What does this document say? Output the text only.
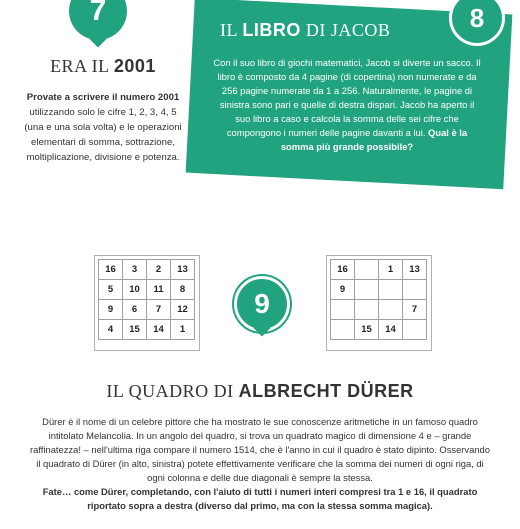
7
ERA IL 2001
Provate a scrivere il numero 2001 utilizzando solo le cifre 1, 2, 3, 4, 5 (una e una sola volta) e le operazioni elementari di somma, sottrazione, moltiplicazione, divisione e potenza.
8
IL LIBRO DI JACOB
Con il suo libro di giochi matematici, Jacob si diverte un sacco. Il libro è composto da 4 pagine (di copertina) non numerate e da 256 pagine numerate da 1 a 256. Naturalmente, le pagine di sinistra sono pari e quelle di destra dispari. Jacob ha aperto il suo libro a caso e calcola la somma delle sei cifre che compongono i numeri delle pagine davanti a lui. Qual è la somma più grande possibile?
16	3	2	13
5	10	11	8
9	6	7	12
4	15	14	1
9
16		1	13
9			
			7
	15	14	
IL QUADRO DI ALBRECHT DÜRER
Dürer è il nome di un celebre pittore che ha mostrato le sue conoscenze aritmetiche in un famoso quadro intitolato Melancolia. In un angolo del quadro, si trova un quadrato magico di dimensione 4 e – grande raffinatezza! – nell'ultima riga compare il numero 1514, che è l'anno in cui il quadro è stato dipinto. Osservando il quadrato di Dürer (in alto, sinistra) potete effettivamente verificare che la somma dei numeri di ogni riga, di ogni colonna e delle due diagonali è sempre la stessa.
Fate… come Dürer, completando, con l'aiuto di tutti i numeri interi compresi tra 1 e 16, il quadrato riportato sopra a destra (diverso dal primo, ma con la stessa somma magica).
